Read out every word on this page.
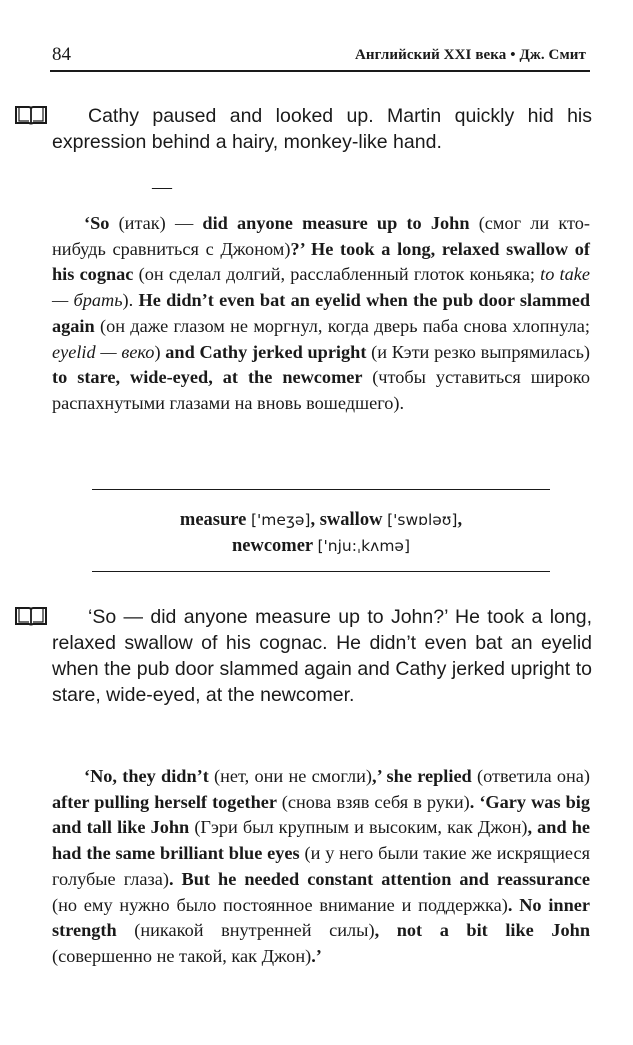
84	Английский XXI века • Дж. Смит

Cathy paused and looked up. Martin quickly hid his expression behind a hairy, monkey-like hand.

—

‘So (итак) — did anyone measure up to John (смог ли кто-нибудь сравниться с Джоном)?’ He took a long, relaxed swallow of his cognac (он сделал долгий, расслабленный глоток коньяка; to take — брать). He didn’t even bat an eyelid when the pub door slammed again (он даже глазом не моргнул, когда дверь паба снова хлопнула; eyelid — веко) and Cathy jerked upright (и Кэти резко выпрямилась) to stare, wide-eyed, at the newcomer (чтобы уставиться широко распахнутыми глазами на вновь вошедшего).

measure ['meʒə], swallow ['swɒləʊ],

newcomer ['nju:ˌkʌmə]

‘So — did anyone measure up to John?’ He took a long, relaxed swallow of his cognac. He didn’t even bat an eyelid when the pub door slammed again and Cathy jerked upright to stare, wide-eyed, at the newcomer.

‘No, they didn’t (нет, они не смогли),’ she replied (ответила она) after pulling herself together (снова взяв себя в руки). ‘Gary was big and tall like John (Гэри был крупным и высоким, как Джон), and he had the same brilliant blue eyes (и у него были такие же искрящиеся голубые глаза). But he needed constant attention and reassurance (но ему нужно было постоянное внимание и поддержка). No inner strength (никакой внутренней силы), not a bit like John (совершенно не такой, как Джон).’
